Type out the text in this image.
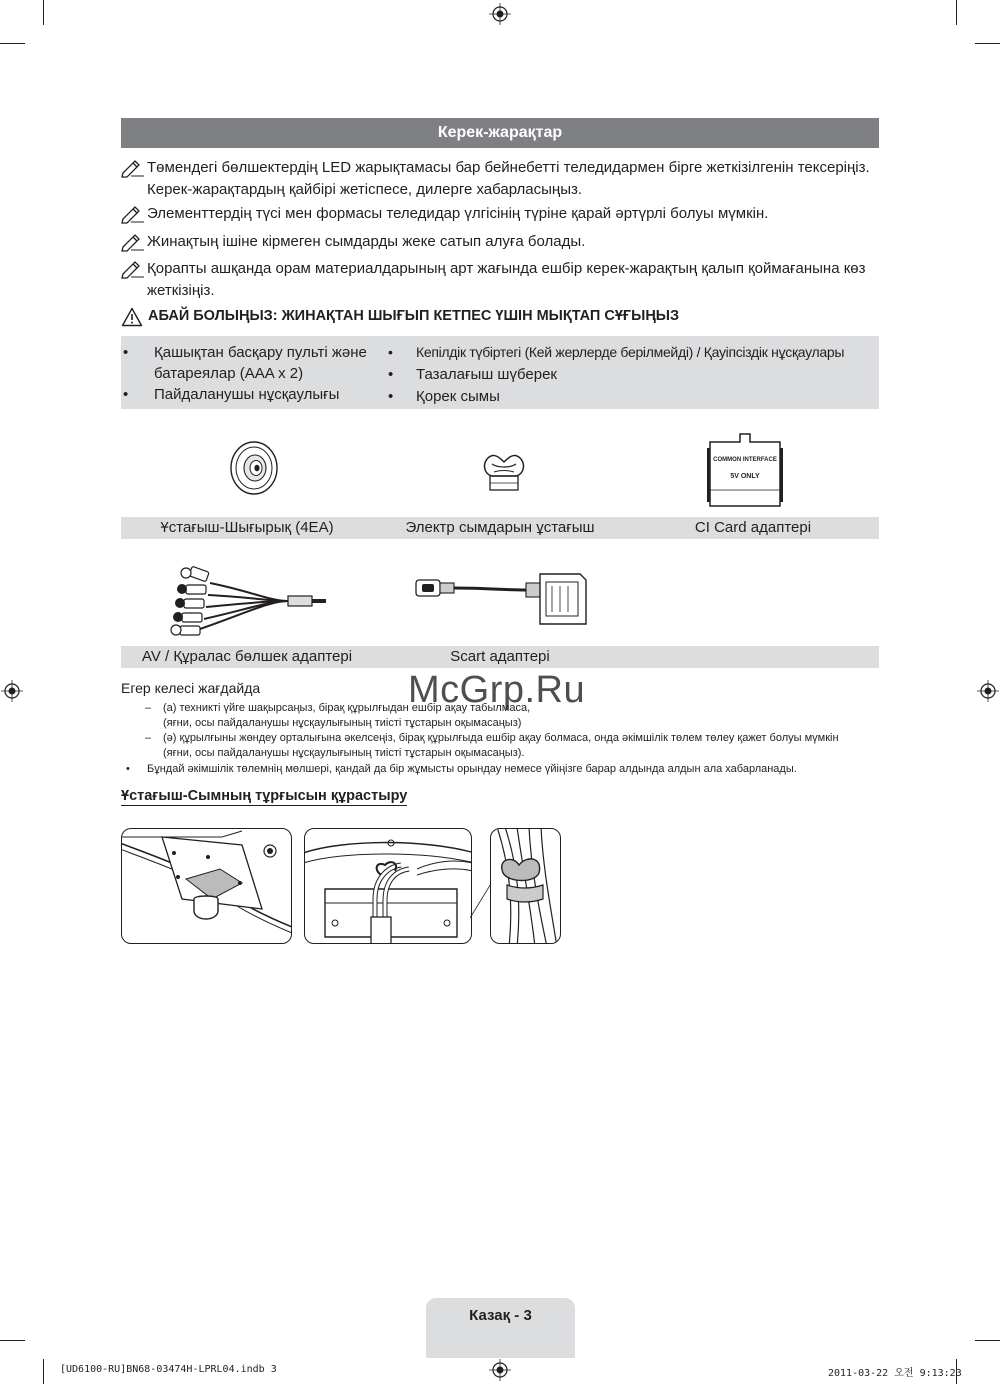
Керек-жарақтар
Төмендегі бөлшектердің LED жарықтамасы бар бейнебетті теледидармен бірге жеткізілгенін тексеріңіз. Керек-жарақтардың қайбірі жетіспесе, дилерге хабарласыңыз.
Элементтердің түсі мен формасы теледидар үлгісінің түріне қарай әртүрлі болуы мүмкін.
Жинақтың ішіне кірмеген сымдарды жеке сатып алуға болады.
Қорапты ашқанда орам материалдарының арт жағында ешбір керек-жарақтың қалып қоймағанына көз жеткізіңіз.
АБАЙ БОЛЫҢЫЗ: ЖИНАҚТАН ШЫҒЫП КЕТПЕС ҮШІН МЫҚТАП СҰҒЫҢЫЗ
•	Қашықтан басқару пульті және батареялар (AAA x 2)
•	Пайдаланушы нұсқаулығы
•	Кепілдік түбіртегі (Кей жерлерде берілмейді) / Қауіпсіздік нұсқаулары
•	Тазалағыш шүберек
•	Қорек сымы
COMMON INTERFACE
5V ONLY
Ұстағыш-Шығырық (4EA)	Электр сымдарын ұстағыш	CI Card адаптері
AV / Құралас бөлшек адаптері	Scart адаптері
Егер келесі жағдайда
– (а) техникті үйге шақырсаңыз, бірақ құрылғыдан ешбір ақау табылмаса,
(яғни, осы пайдаланушы нұсқаулығының тиісті тұстарын оқымасаңыз)
– (ә) құрылғыны жөндеу орталығына әкелсеңіз, бірақ құрылғыда ешбір ақау болмаса, онда әкімшілік төлем төлеу қажет болуы мүмкін
(яғни, осы пайдаланушы нұсқаулығының тиісті тұстарын оқымасаңыз).
• Бұндай әкімшілік төлемнің мөлшері, қандай да бір жұмысты орындау немесе үйіңізге барар алдында алдын ала хабарланады.
Ұстағыш-Сымның тұрғысын құрастыру
McGrp.Ru
Казақ - 3
[UD6100-RU]BN68-03474H-LPRL04.indb 3	2011-03-22 오전 9:13:23
